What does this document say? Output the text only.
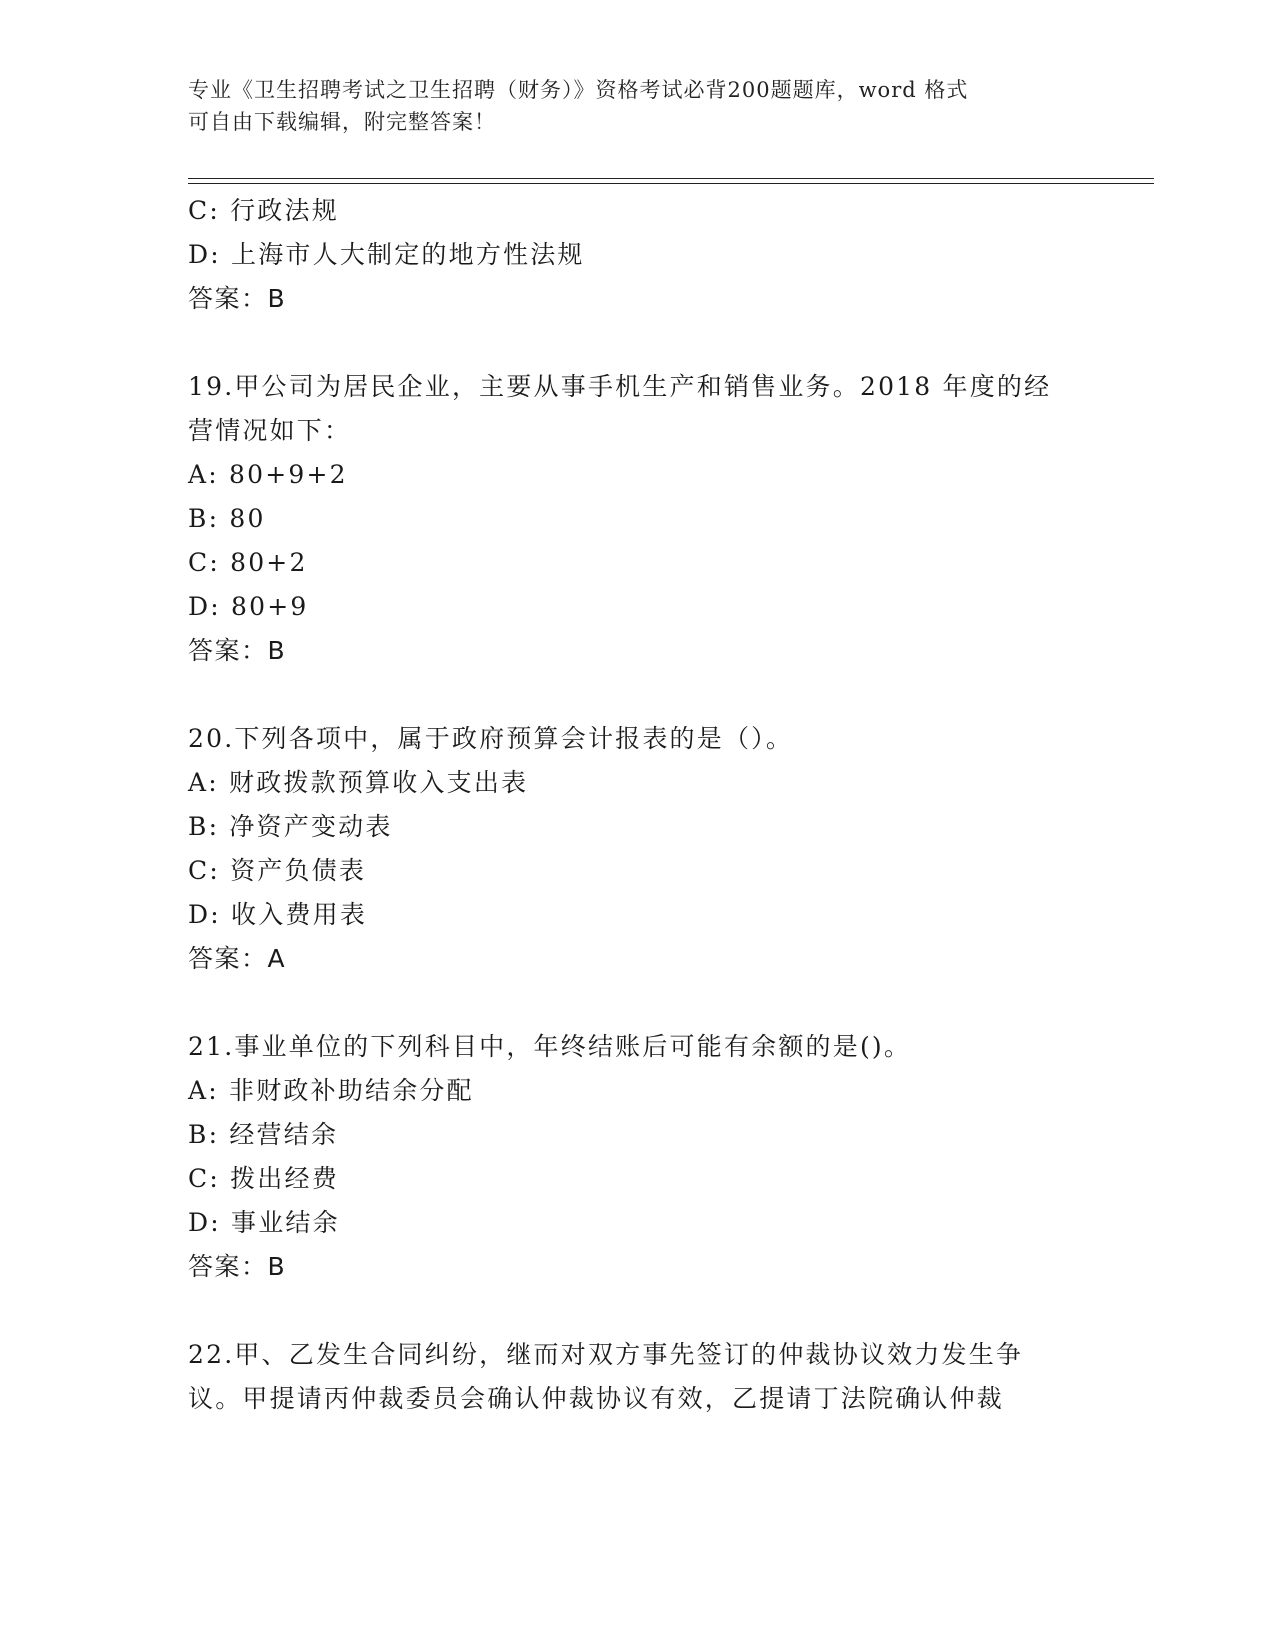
专业《卫生招聘考试之卫生招聘（财务）》资格考试必背200题题库，word 格式
可自由下载编辑，附完整答案！
C: 行政法规
D: 上海市人大制定的地方性法规
答案：B
19.甲公司为居民企业，主要从事手机生产和销售业务。2018 年度的经
营情况如下：
A: 80+9+2
B: 80
C: 80+2
D: 80+9
答案：B
20.下列各项中，属于政府预算会计报表的是（）。
A: 财政拨款预算收入支出表
B: 净资产变动表
C: 资产负债表
D: 收入费用表
答案：A
21.事业单位的下列科目中，年终结账后可能有余额的是()。
A: 非财政补助结余分配
B: 经营结余
C: 拨出经费
D: 事业结余
答案：B
22.甲、乙发生合同纠纷，继而对双方事先签订的仲裁协议效力发生争
议。甲提请丙仲裁委员会确认仲裁协议有效，乙提请丁法院确认仲裁
